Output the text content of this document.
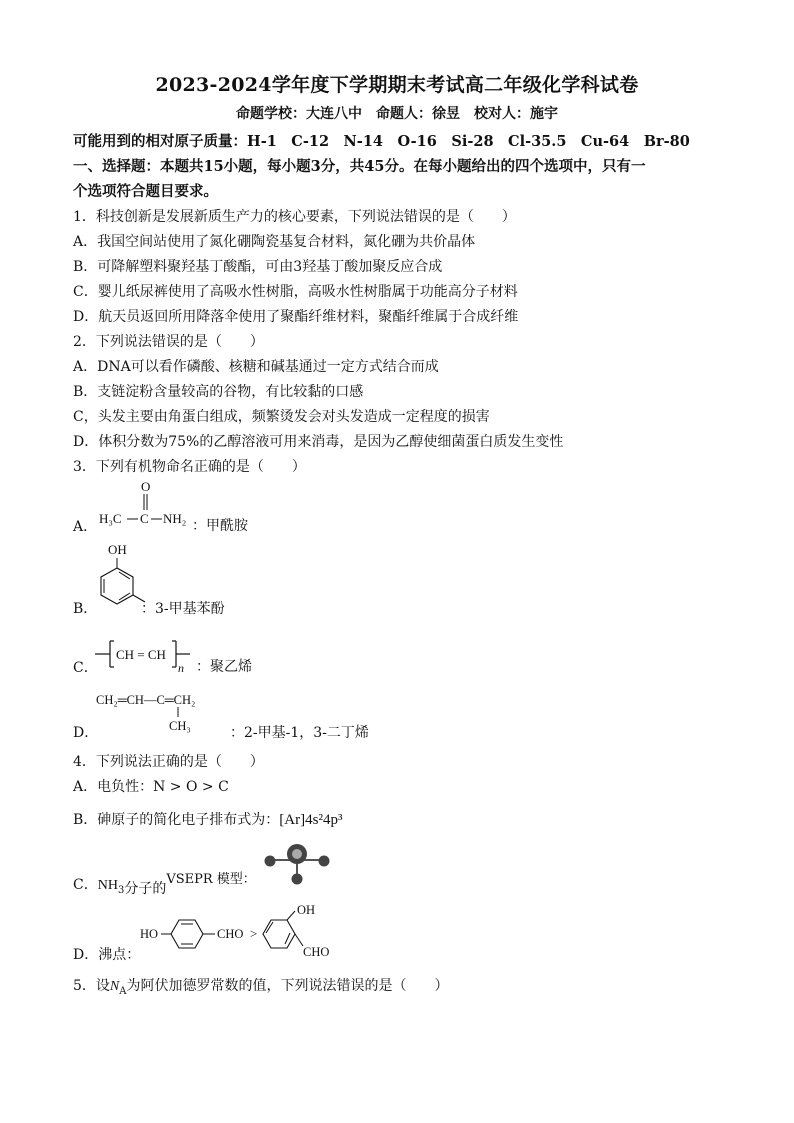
2023-2024学年度下学期期末考试高二年级化学科试卷
命题学校：大连八中　命题人：徐昱　校对人：施宇
可能用到的相对原子质量：H-1　C-12　N-14　O-16　Si-28　Cl-35.5　Cu-64　Br-80
一、选择题：本题共15小题，每小题3分，共45分。在每小题给出的四个选项中，只有一
个选项符合题目要求。
1．科技创新是发展新质生产力的核心要素，下列说法错误的是（　　）
A．我国空间站使用了氮化硼陶瓷基复合材料，氮化硼为共价晶体
B．可降解塑料聚羟基丁酸酯，可由3羟基丁酸加聚反应合成
C．婴儿纸尿裤使用了高吸水性树脂，高吸水性树脂属于功能高分子材料
D．航天员返回所用降落伞使用了聚酯纤维材料，聚酯纤维属于合成纤维
2．下列说法错误的是（　　）
A．DNA可以看作磷酸、核糖和碱基通过一定方式结合而成
B．支链淀粉含量较高的谷物，有比较黏的口感
C，头发主要由角蛋白组成，频繁烫发会对头发造成一定程度的损害
D．体积分数为75%的乙醇溶液可用来消毒，是因为乙醇使细菌蛋白质发生变性
3．下列有机物命名正确的是（　　）
A．
H₃C C
O
NH₂ ：甲酰胺
B．
OH
：3-甲基苯酚
C．
CH = CH
n ：聚乙烯
CH₂═CH—C═CH₂
CH₃
D．	：2-甲基-1，3-二丁烯
4．下列说法正确的是（　　）
A．电负性：N > O > C
B．砷原子的简化电子排布式为：[Ar]4s²4p³
C．$NH_3$分子的VSEPR 模型：
D．沸点：
HO	CHO >
OH
CHO
5．设$N_A$为阿伏加德罗常数的值，下列说法错误的是（　　）
